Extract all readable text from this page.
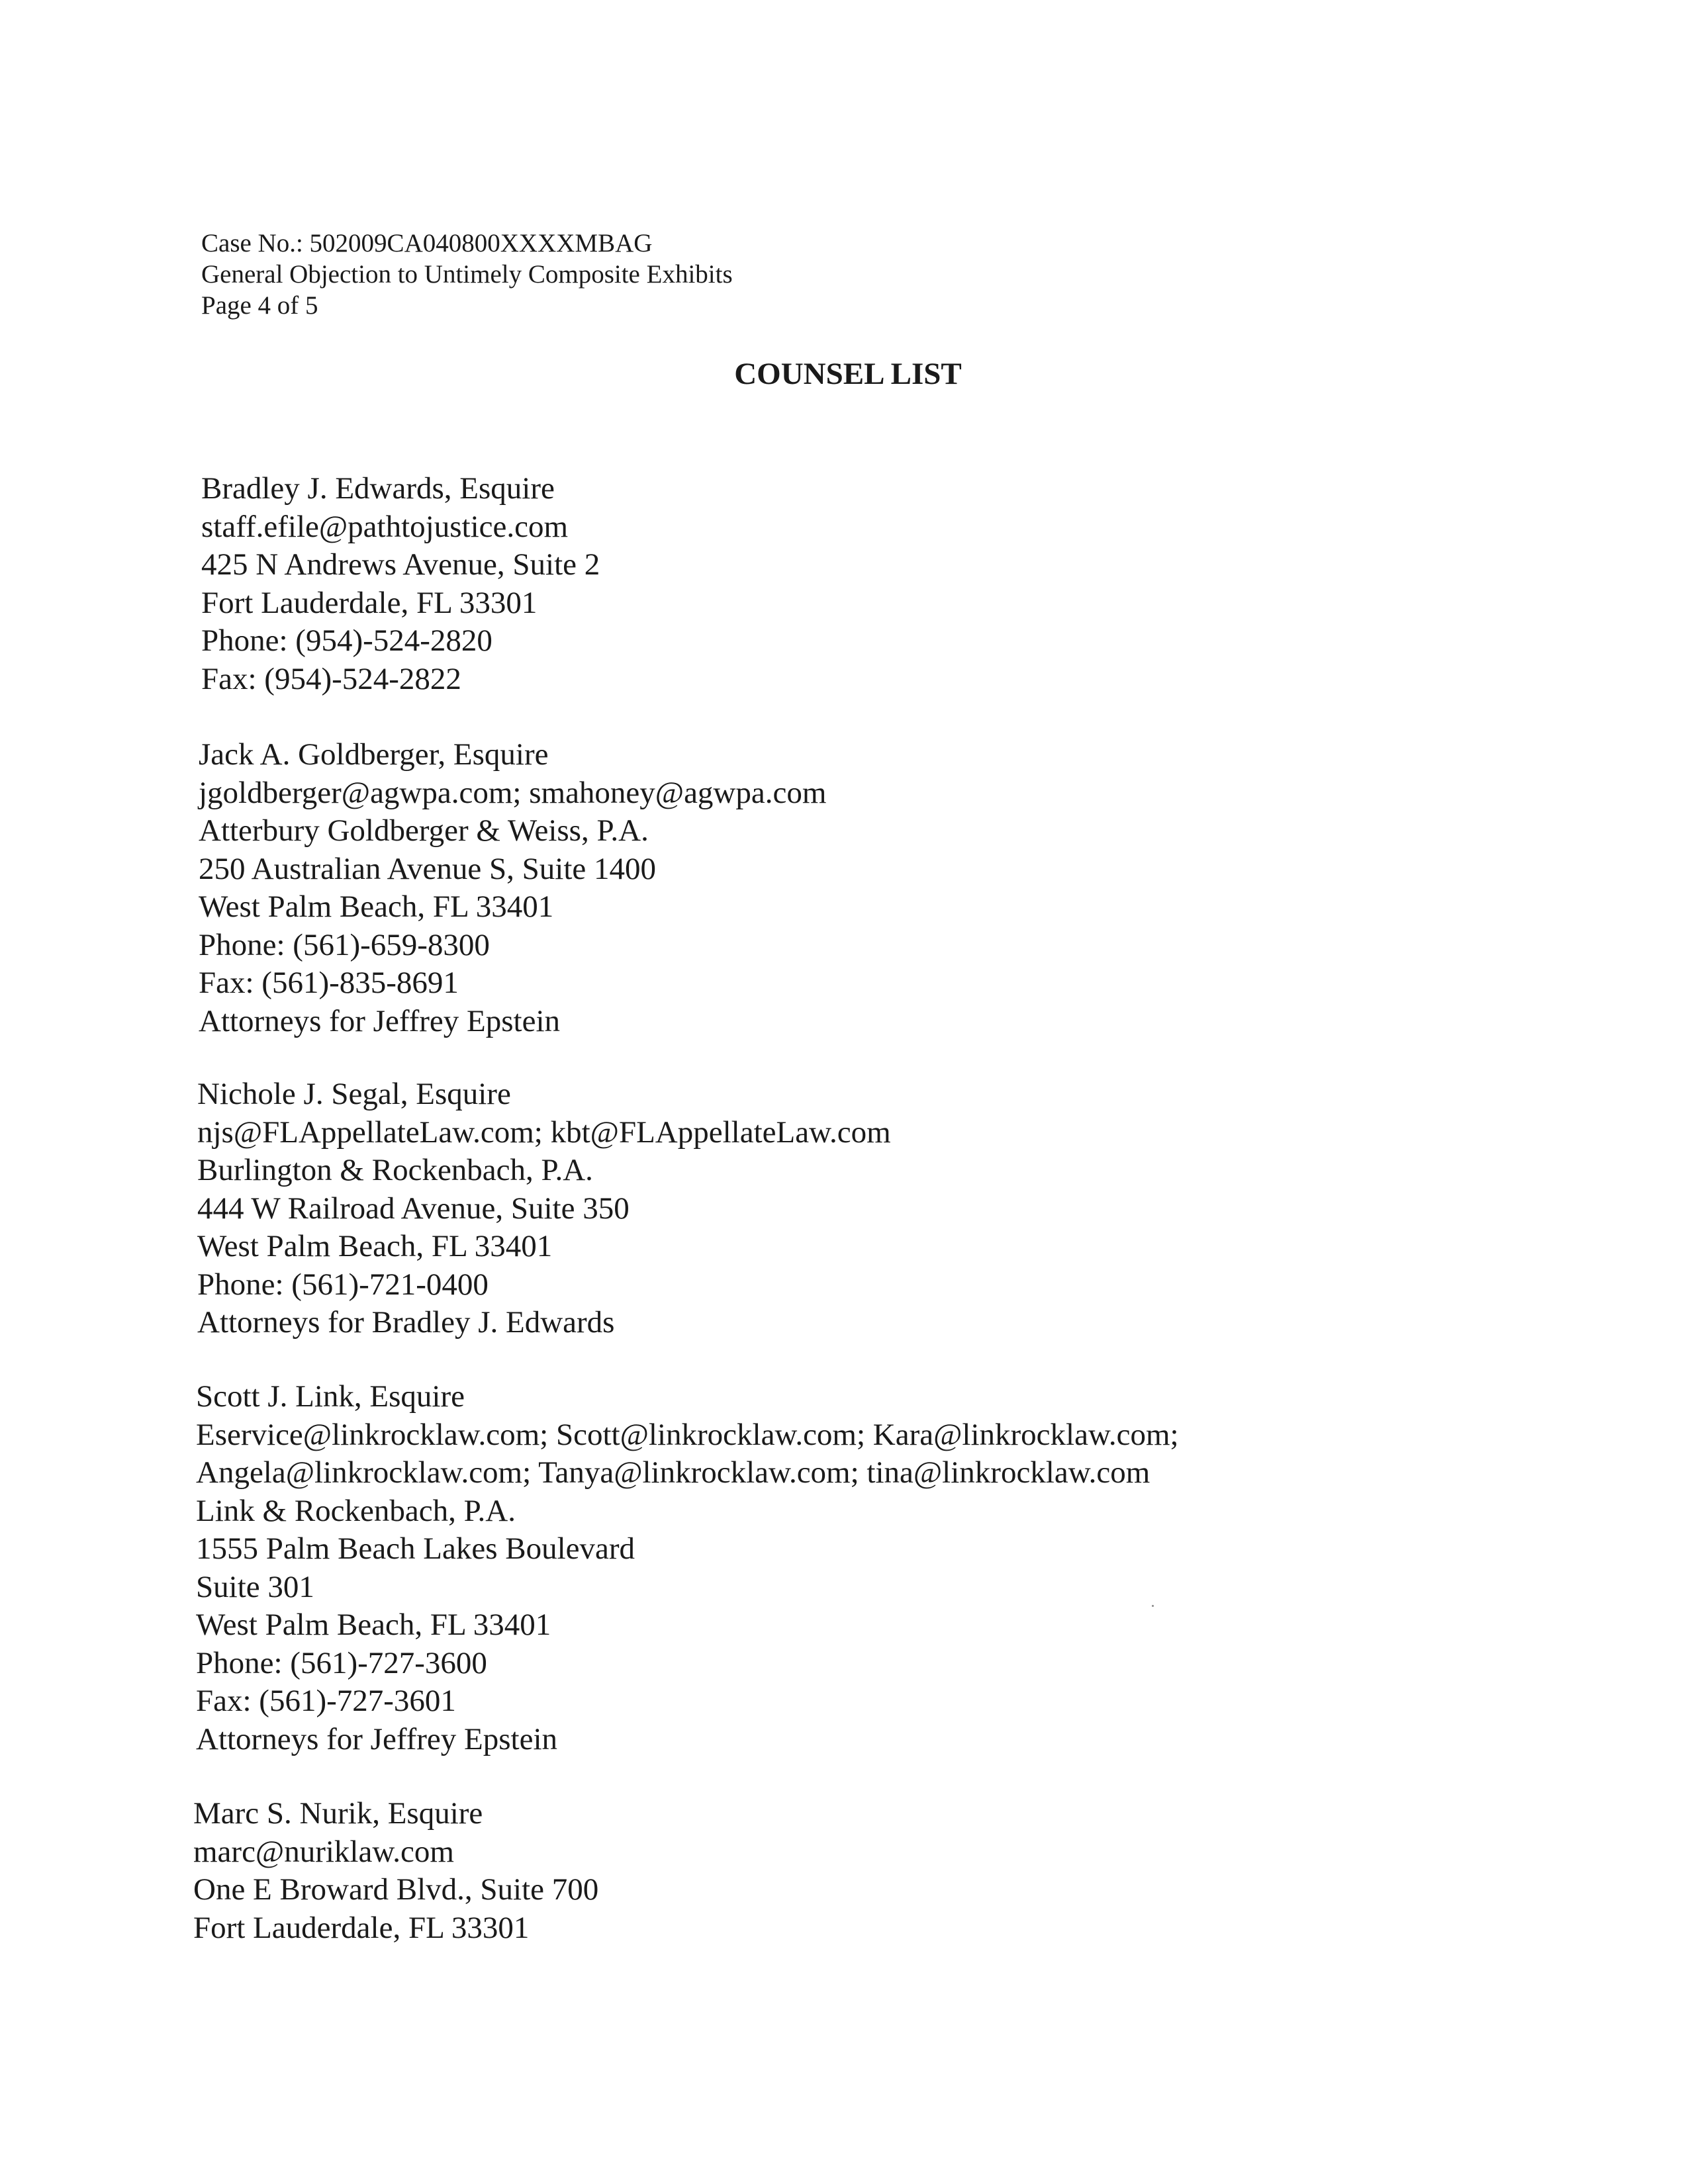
Case No.: 502009CA040800XXXXMBAG
General Objection to Untimely Composite Exhibits
Page 4 of 5
COUNSEL LIST
Bradley J. Edwards, Esquire
staff.efile@pathtojustice.com
425 N Andrews Avenue, Suite 2
Fort Lauderdale, FL 33301
Phone: (954)-524-2820
Fax: (954)-524-2822
Jack A. Goldberger, Esquire
jgoldberger@agwpa.com; smahoney@agwpa.com
Atterbury Goldberger & Weiss, P.A.
250 Australian Avenue S, Suite 1400
West Palm Beach, FL 33401
Phone: (561)-659-8300
Fax: (561)-835-8691
Attorneys for Jeffrey Epstein
Nichole J. Segal, Esquire
njs@FLAppellateLaw.com; kbt@FLAppellateLaw.com
Burlington & Rockenbach, P.A.
444 W Railroad Avenue, Suite 350
West Palm Beach, FL 33401
Phone: (561)-721-0400
Attorneys for Bradley J. Edwards
Scott J. Link, Esquire
Eservice@linkrocklaw.com; Scott@linkrocklaw.com; Kara@linkrocklaw.com;
Angela@linkrocklaw.com; Tanya@linkrocklaw.com; tina@linkrocklaw.com
Link & Rockenbach, P.A.
1555 Palm Beach Lakes Boulevard
Suite 301
West Palm Beach, FL 33401
Phone: (561)-727-3600
Fax: (561)-727-3601
Attorneys for Jeffrey Epstein
Marc S. Nurik, Esquire
marc@nuriklaw.com
One E Broward Blvd., Suite 700
Fort Lauderdale, FL 33301
